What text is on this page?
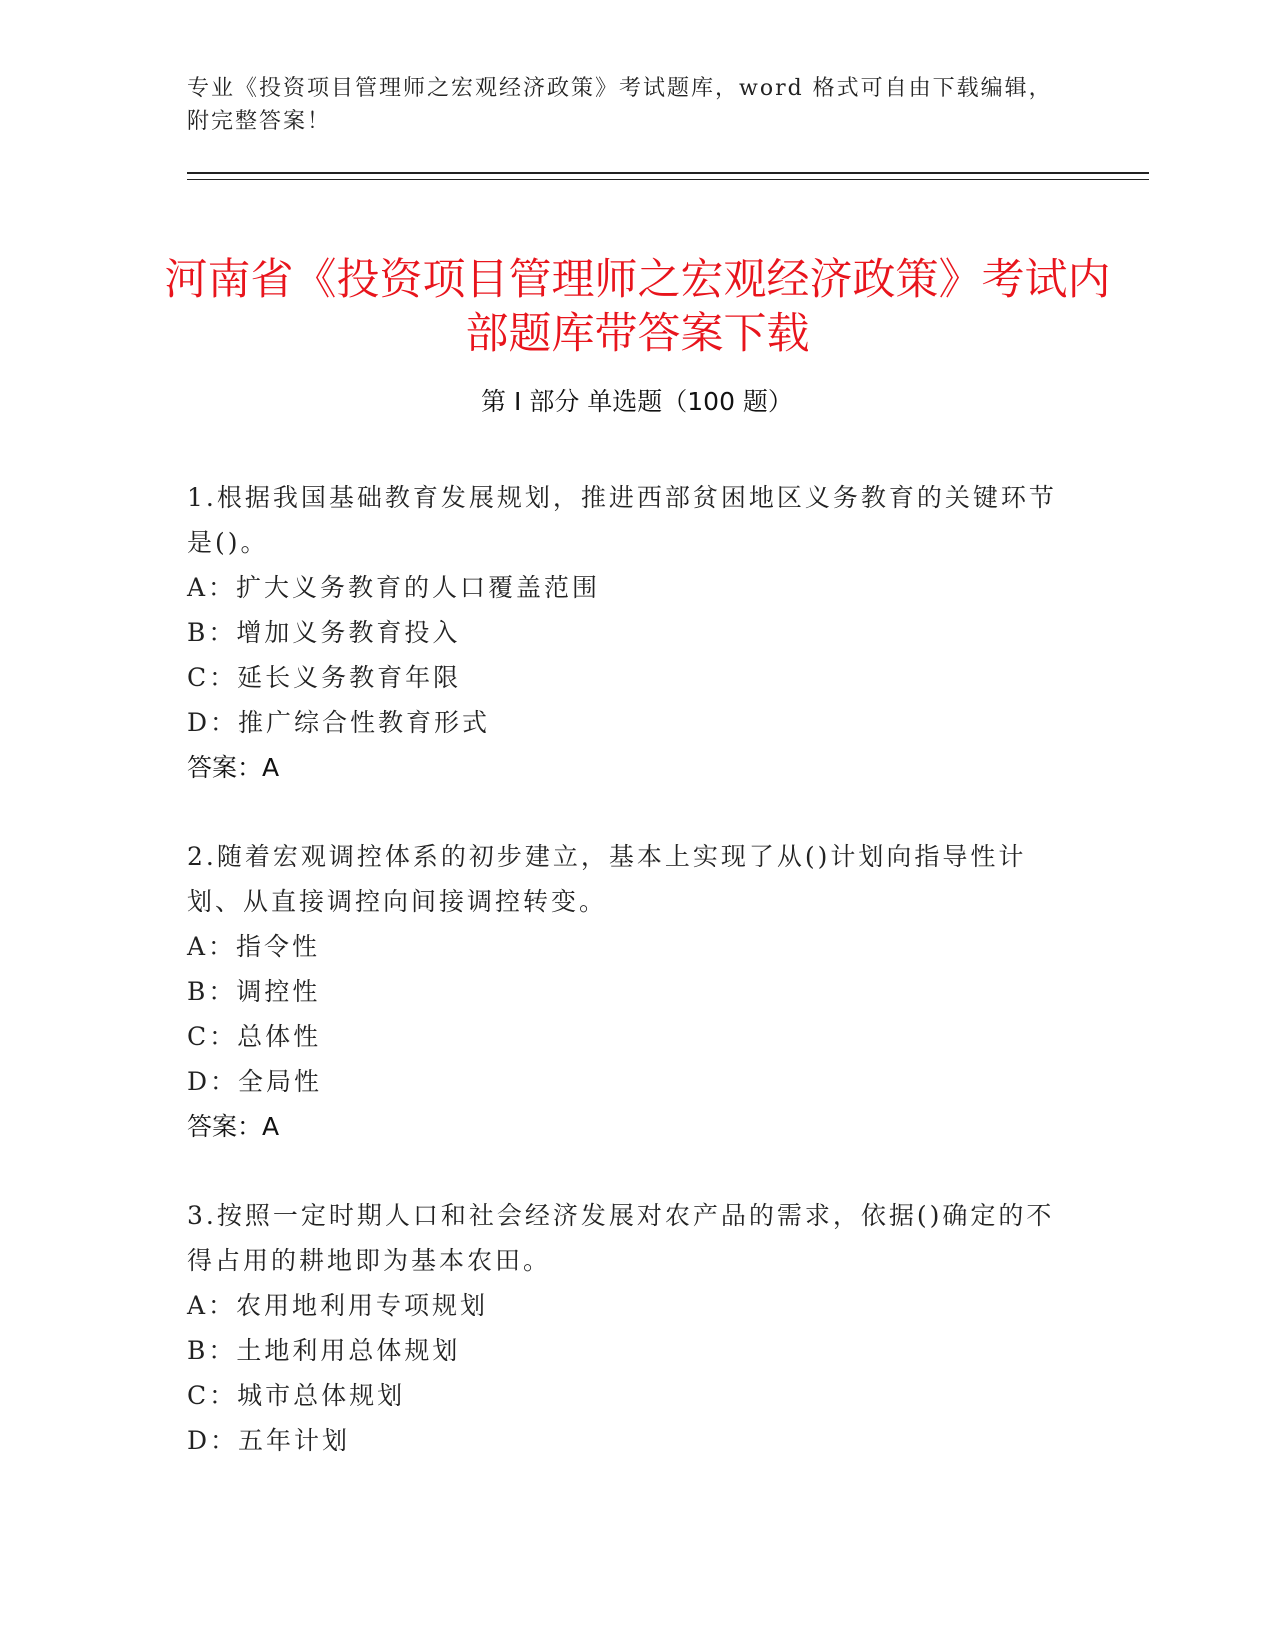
专业《投资项目管理师之宏观经济政策》考试题库，word 格式可自由下载编辑，附完整答案！
河南省《投资项目管理师之宏观经济政策》考试内部题库带答案下载
第 I 部分 单选题（100 题）

1.根据我国基础教育发展规划，推进西部贫困地区义务教育的关键环节是()。

A：扩大义务教育的人口覆盖范围
B：增加义务教育投入
C：延长义务教育年限
D：推广综合性教育形式
答案：A

2.随着宏观调控体系的初步建立，基本上实现了从()计划向指导性计划、从直接调控向间接调控转变。

A：指令性
B：调控性
C：总体性
D：全局性
答案：A

3.按照一定时期人口和社会经济发展对农产品的需求，依据()确定的不得占用的耕地即为基本农田。

A：农用地利用专项规划
B：土地利用总体规划
C：城市总体规划
D：五年计划
